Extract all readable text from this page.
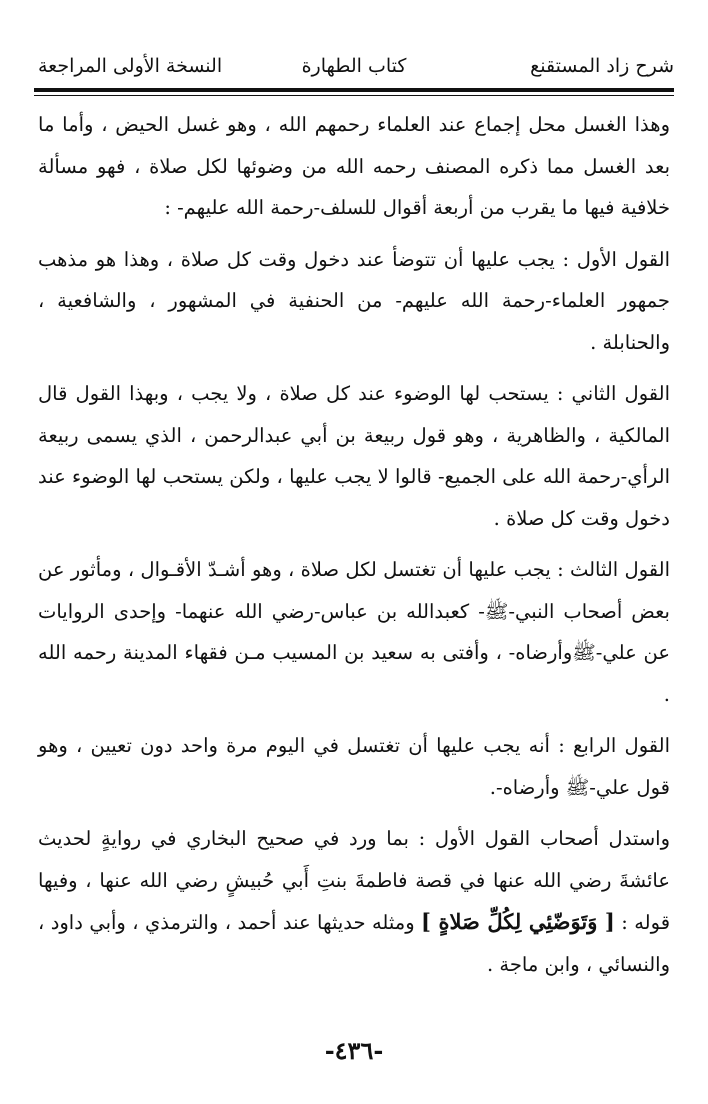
شرح زاد المستقنع
كتاب الطهارة
النسخة الأولى المراجعة

وهذا الغسل محل إجماع عند العلماء رحمهم الله ، وهو غسل الحيض ، وأما ما بعد الغسل مما ذكره المصنف رحمه الله من وضوئها لكل صلاة ، فهو مسألة خلافية فيها ما يقرب من أربعة أقوال للسلف-رحمة الله عليهم- :

القول الأول : يجب عليها أن تتوضأ عند دخول وقت كل صلاة ، وهذا هو مذهب جمهور العلماء-رحمة الله عليهم- من الحنفية في المشهور ، والشافعية ، والحنابلة .

القول الثاني : يستحب لها الوضوء عند كل صلاة ، ولا يجب ، وبهذا القول قال المالكية ، والظاهرية ، وهو قول ربيعة بن أبي عبدالرحمن ، الذي يسمى ربيعة الرأي-رحمة الله على الجميع- قالوا لا يجب عليها ، ولكن يستحب لها الوضوء عند دخول وقت كل صلاة .

القول الثالث : يجب عليها أن تغتسل لكل صلاة ، وهو أشـدّ الأقـوال ، ومأثور عن بعض أصحاب النبي-ﷺ- كعبدالله بن عباس-رضي الله عنهما- وإحدى الروايات عن علي-ﷺوأرضاه- ، وأفتى به سعيد بن المسيب مـن فقهاء المدينة رحمه الله .

القول الرابع : أنه يجب عليها أن تغتسل في اليوم مرة واحد دون تعيين ، وهو قول علي-ﷺ وأرضاه-.

واستدل أصحاب القول الأول : بما ورد في صحيح البخاري في روايةٍ لحديث عائشةَ رضي الله عنها في قصة فاطمةَ بنتِ أَبي حُبيشٍ رضي الله عنها ، وفيها قوله : [ وَتَوَضّئِي لِكُلِّ صَلاةٍ ] ومثله حديثها عند أحمد ، والترمذي ، وأبي داود ، والنسائي ، وابن ماجة .

-٤٣٦-
